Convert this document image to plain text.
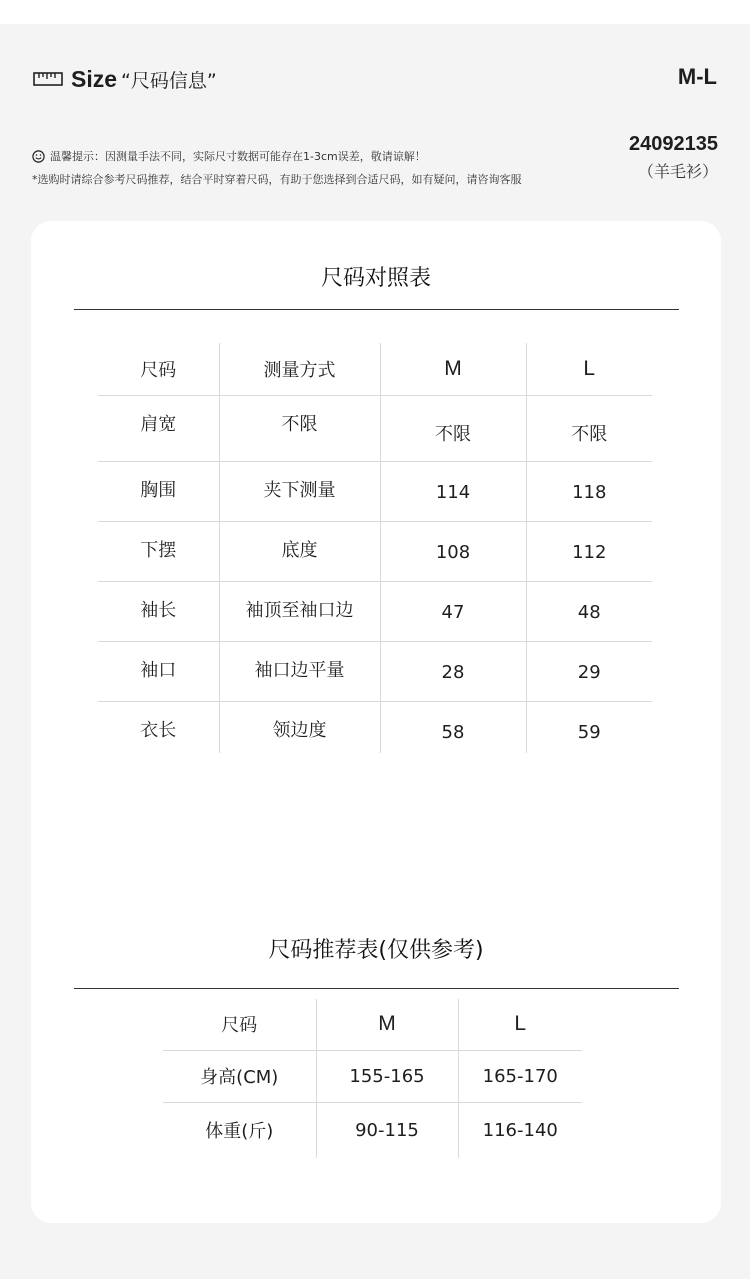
Size “尺码信息”	M-L
24092135
（羊毛衫）
温馨提示：因测量手法不同，实际尺寸数据可能存在1-3cm误差，敬请谅解！
*选购时请综合参考尺码推荐，结合平时穿着尺码，有助于您选择到合适尺码，如有疑问，请咨询客服
尺码对照表
尺码	测量方式	M	L
肩宽	不限	不限	不限
胸围	夹下测量	114	118
下摆	底度	108	112
袖长	袖顶至袖口边	47	48
袖口	袖口边平量	28	29
衣长	领边度	58	59
尺码推荐表(仅供参考)
尺码	M	L
身高(CM)	155-165	165-170
体重(斤)	90-115	116-140
